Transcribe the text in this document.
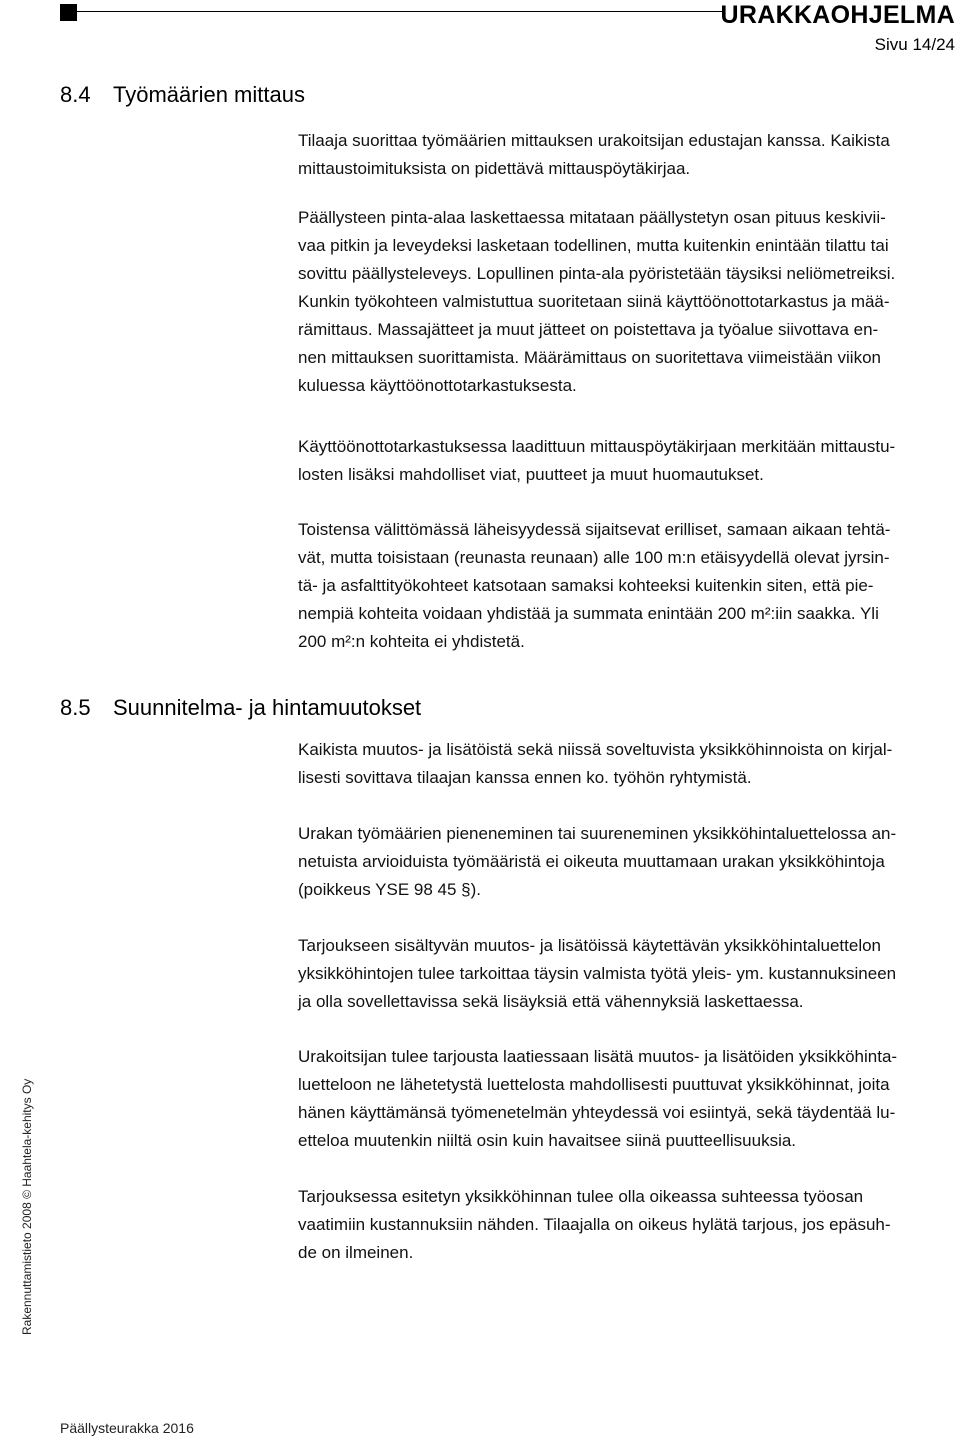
URAKKAOHJELMA
Sivu 14/24
8.4 Työmäärien mittaus

Tilaaja suorittaa työmäärien mittauksen urakoitsijan edustajan kanssa. Kaikista
mittaustoimituksista on pidettävä mittauspöytäkirjaa.

Päällysteen pinta-alaa laskettaessa mitataan päällystetyn osan pituus keskivii-
vaa pitkin ja leveydeksi lasketaan todellinen, mutta kuitenkin enintään tilattu tai
sovittu päällysteleveys. Lopullinen pinta-ala pyöristetään täysiksi neliömetreiksi.
Kunkin työkohteen valmistuttua suoritetaan siinä käyttöönottotarkastus ja mää-
rämittaus. Massajätteet ja muut jätteet on poistettava ja työalue siivottava en-
nen mittauksen suorittamista. Määrämittaus on suoritettava viimeistään viikon
kuluessa käyttöönottotarkastuksesta.

Käyttöönottotarkastuksessa laadittuun mittauspöytäkirjaan merkitään mittaustu-
losten lisäksi mahdolliset viat, puutteet ja muut huomautukset.

Toistensa välittömässä läheisyydessä sijaitsevat erilliset, samaan aikaan tehtä-
vät, mutta toisistaan (reunasta reunaan) alle 100 m:n etäisyydellä olevat jyrsin-
tä- ja asfalttityökohteet katsotaan samaksi kohteeksi kuitenkin siten, että pie-
nempiä kohteita voidaan yhdistää ja summata enintään 200 m²:iin saakka. Yli
200 m²:n kohteita ei yhdistetä.

8.5 Suunnitelma- ja hintamuutokset

Kaikista muutos- ja lisätöistä sekä niissä soveltuvista yksikköhinnoista on kirjal-
lisesti sovittava tilaajan kanssa ennen ko. työhön ryhtymistä.

Urakan työmäärien pieneneminen tai suureneminen yksikköhintaluettelossa an-
netuista arvioiduista työmääristä ei oikeuta muuttamaan urakan yksikköhintoja
(poikkeus YSE 98 45 §).

Tarjoukseen sisältyvän muutos- ja lisätöissä käytettävän yksikköhintaluettelon
yksikköhintojen tulee tarkoittaa täysin valmista työtä yleis- ym. kustannuksineen
ja olla sovellettavissa sekä lisäyksiä että vähennyksiä laskettaessa.

Urakoitsijan tulee tarjousta laatiessaan lisätä muutos- ja lisätöiden yksikköhinta-
luetteloon ne lähetetystä luettelosta mahdollisesti puuttuvat yksikköhinnat, joita
hänen käyttämänsä työmenetelmän yhteydessä voi esiintyä, sekä täydentää lu-
etteloa muutenkin niiltä osin kuin havaitsee siinä puutteellisuuksia.

Tarjouksessa esitetyn yksikköhinnan tulee olla oikeassa suhteessa työosan
vaatimiin kustannuksiin nähden. Tilaajalla on oikeus hylätä tarjous, jos epäsuh-
de on ilmeinen.

Rakennuttamistieto 2008 © Haahtela-kehitys Oy
Päällysteurakka 2016
